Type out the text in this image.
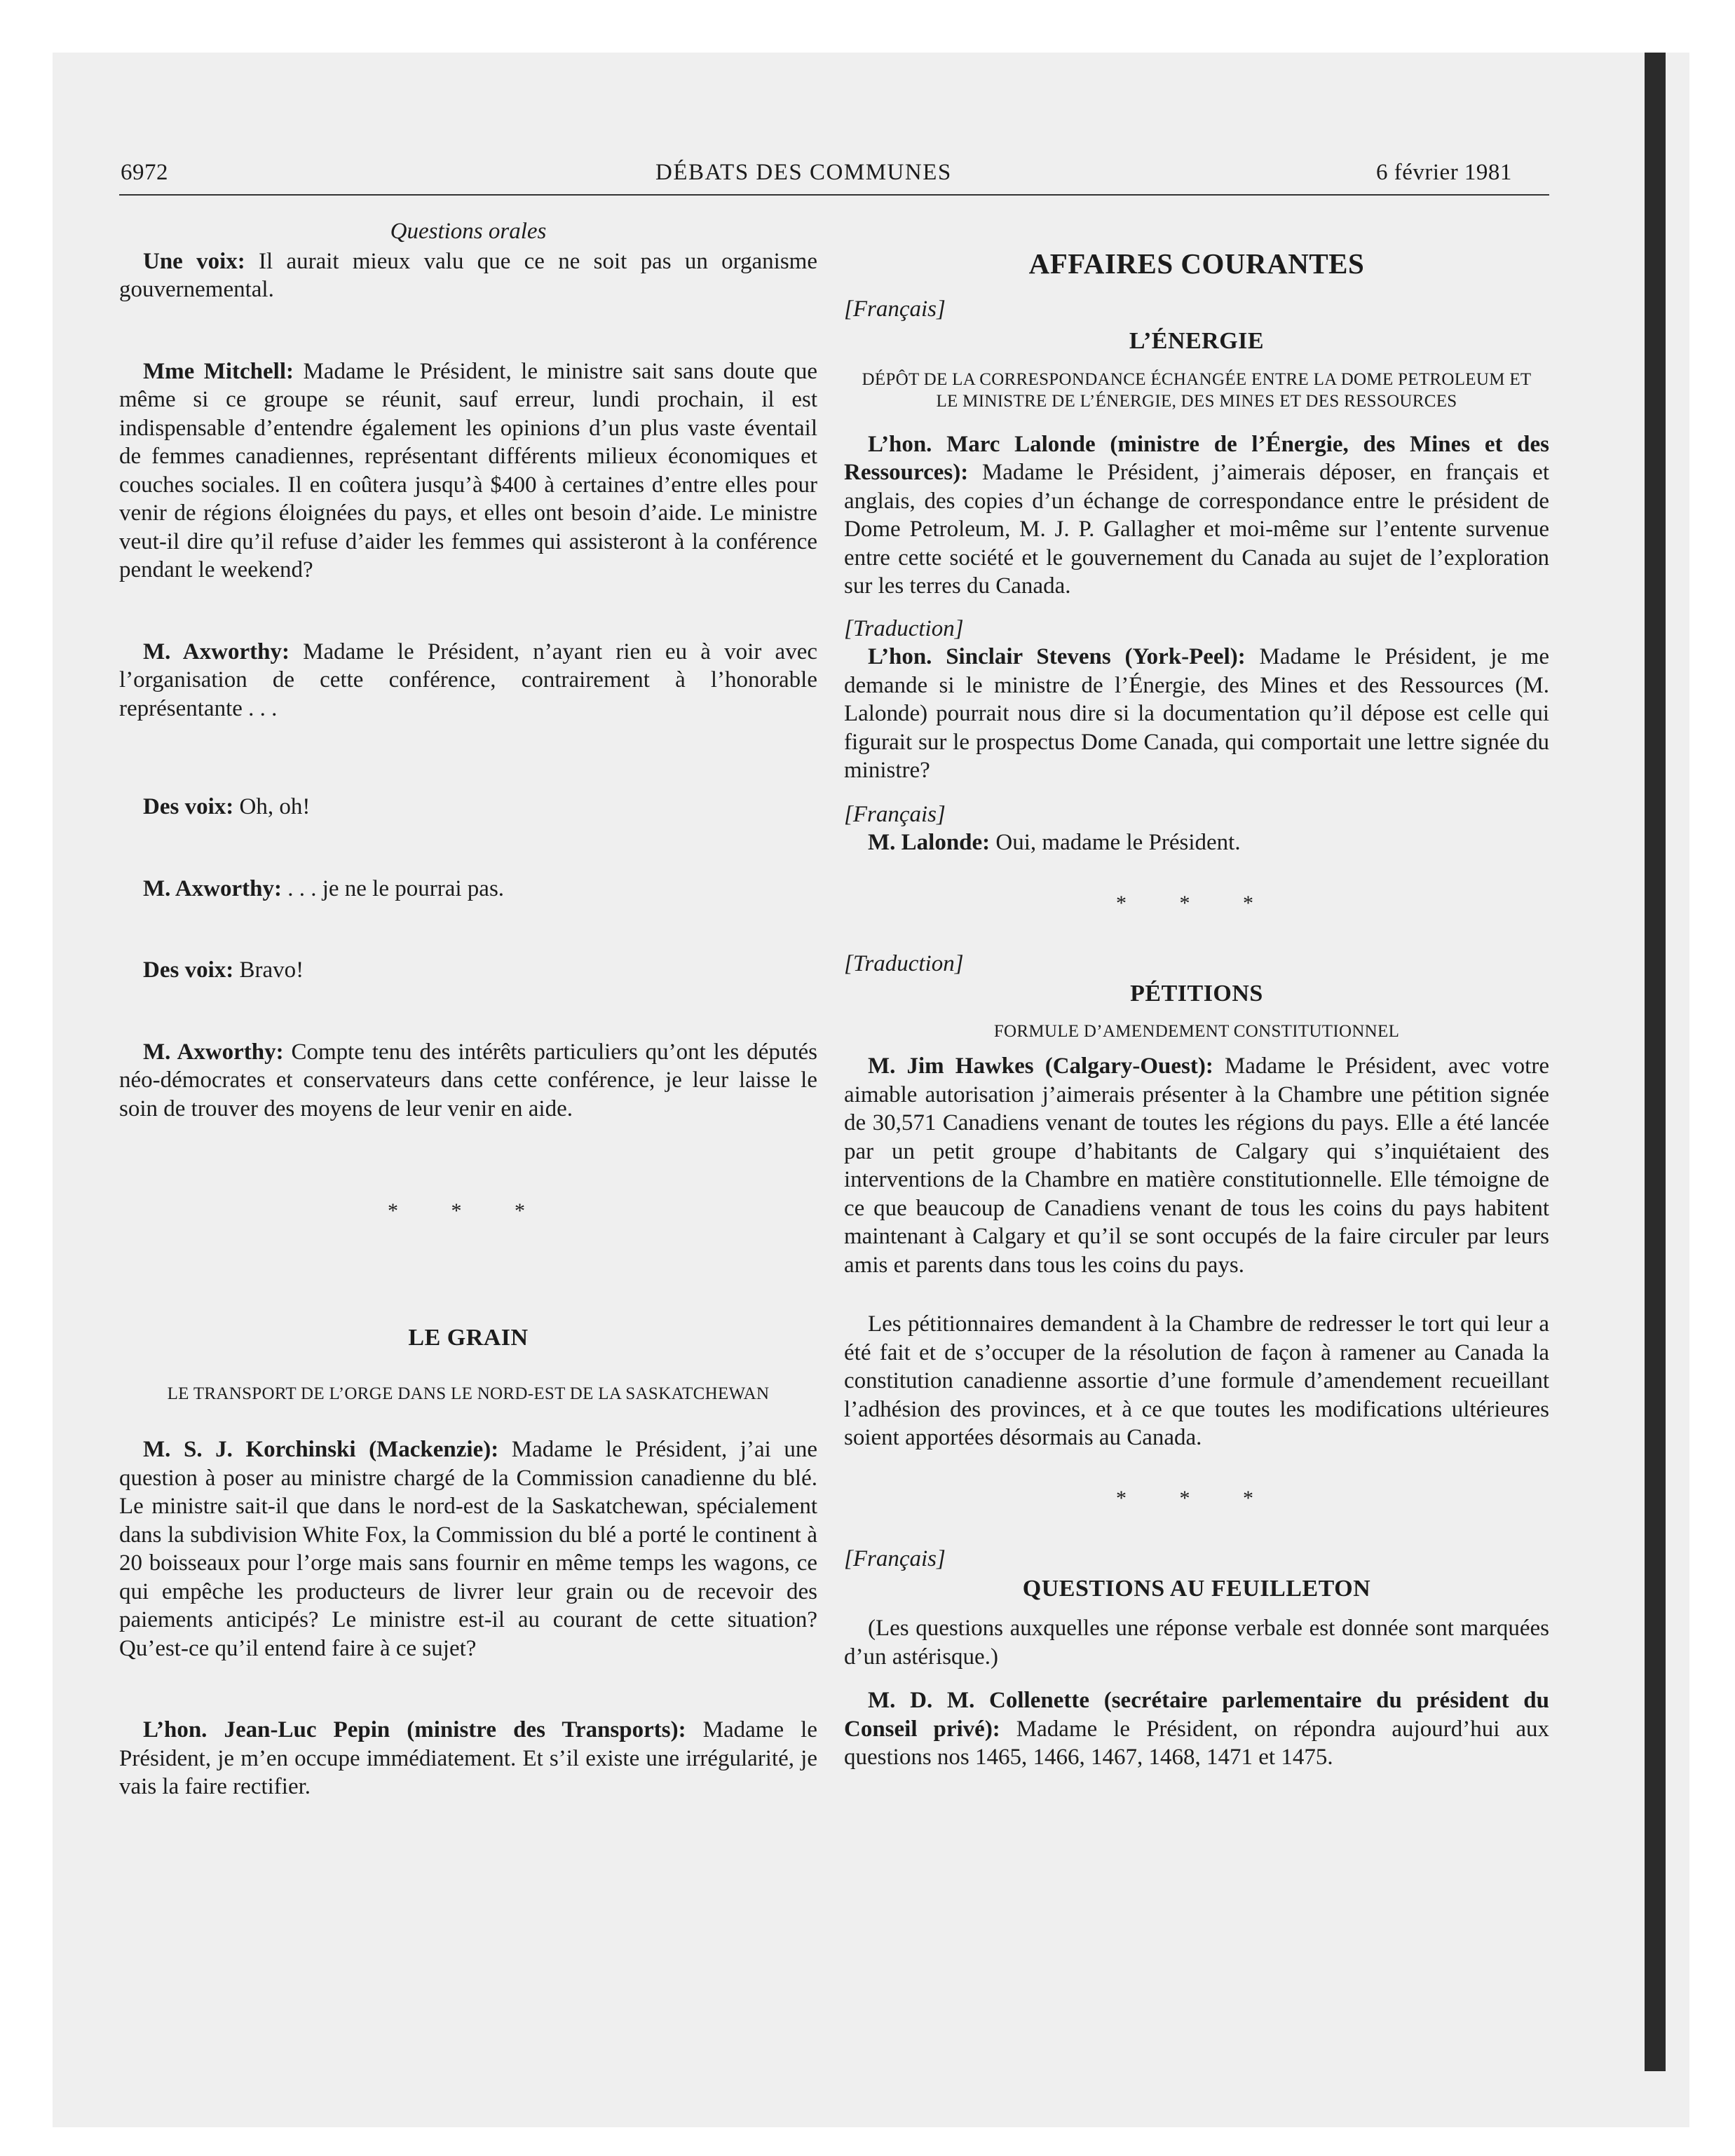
6972	DÉBATS DES COMMUNES	6 février 1981

Questions orales

Une voix: Il aurait mieux valu que ce ne soit pas un organisme gouvernemental.

Mme Mitchell: Madame le Président, le ministre sait sans doute que même si ce groupe se réunit, sauf erreur, lundi prochain, il est indispensable d’entendre également les opinions d’un plus vaste éventail de femmes canadiennes, représentant différents milieux économiques et couches sociales. Il en coûtera jusqu’à $400 à certaines d’entre elles pour venir de régions éloignées du pays, et elles ont besoin d’aide. Le ministre veut-il dire qu’il refuse d’aider les femmes qui assisteront à la conférence pendant le weekend?

M. Axworthy: Madame le Président, n’ayant rien eu à voir avec l’organisation de cette conférence, contrairement à l’honorable représentante . . .

Des voix: Oh, oh!

M. Axworthy: . . . je ne le pourrai pas.

Des voix: Bravo!

M. Axworthy: Compte tenu des intérêts particuliers qu’ont les députés néo-démocrates et conservateurs dans cette conférence, je leur laisse le soin de trouver des moyens de leur venir en aide.

* * *

LE GRAIN

LE TRANSPORT DE L’ORGE DANS LE NORD-EST DE LA SASKATCHEWAN

M. S. J. Korchinski (Mackenzie): Madame le Président, j’ai une question à poser au ministre chargé de la Commission canadienne du blé. Le ministre sait-il que dans le nord-est de la Saskatchewan, spécialement dans la subdivision White Fox, la Commission du blé a porté le continent à 20 boisseaux pour l’orge mais sans fournir en même temps les wagons, ce qui empêche les producteurs de livrer leur grain ou de recevoir des paiements anticipés? Le ministre est-il au courant de cette situation? Qu’est-ce qu’il entend faire à ce sujet?

L’hon. Jean-Luc Pepin (ministre des Transports): Madame le Président, je m’en occupe immédiatement. Et s’il existe une irrégularité, je vais la faire rectifier.

AFFAIRES COURANTES

[Français]

L’ÉNERGIE

DÉPÔT DE LA CORRESPONDANCE ÉCHANGÉE ENTRE LA DOME PETROLEUM ET LE MINISTRE DE L’ÉNERGIE, DES MINES ET DES RESSOURCES

L’hon. Marc Lalonde (ministre de l’Énergie, des Mines et des Ressources): Madame le Président, j’aimerais déposer, en français et anglais, des copies d’un échange de correspondance entre le président de Dome Petroleum, M. J. P. Gallagher et moi-même sur l’entente survenue entre cette société et le gouvernement du Canada au sujet de l’exploration sur les terres du Canada.

[Traduction]

L’hon. Sinclair Stevens (York-Peel): Madame le Président, je me demande si le ministre de l’Énergie, des Mines et des Ressources (M. Lalonde) pourrait nous dire si la documentation qu’il dépose est celle qui figurait sur le prospectus Dome Canada, qui comportait une lettre signée du ministre?

[Français]

M. Lalonde: Oui, madame le Président.

* * *

[Traduction]

PÉTITIONS

FORMULE D’AMENDEMENT CONSTITUTIONNEL

M. Jim Hawkes (Calgary-Ouest): Madame le Président, avec votre aimable autorisation j’aimerais présenter à la Chambre une pétition signée de 30,571 Canadiens venant de toutes les régions du pays. Elle a été lancée par un petit groupe d’habitants de Calgary qui s’inquiétaient des interventions de la Chambre en matière constitutionnelle. Elle témoigne de ce que beaucoup de Canadiens venant de tous les coins du pays habitent maintenant à Calgary et qu’il se sont occupés de la faire circuler par leurs amis et parents dans tous les coins du pays.

Les pétitionnaires demandent à la Chambre de redresser le tort qui leur a été fait et de s’occuper de la résolution de façon à ramener au Canada la constitution canadienne assortie d’une formule d’amendement recueillant l’adhésion des provinces, et à ce que toutes les modifications ultérieures soient apportées désormais au Canada.

* * *

[Français]

QUESTIONS AU FEUILLETON

(Les questions auxquelles une réponse verbale est donnée sont marquées d’un astérisque.)

M. D. M. Collenette (secrétaire parlementaire du président du Conseil privé): Madame le Président, on répondra aujourd’hui aux questions nos 1465, 1466, 1467, 1468, 1471 et 1475.
